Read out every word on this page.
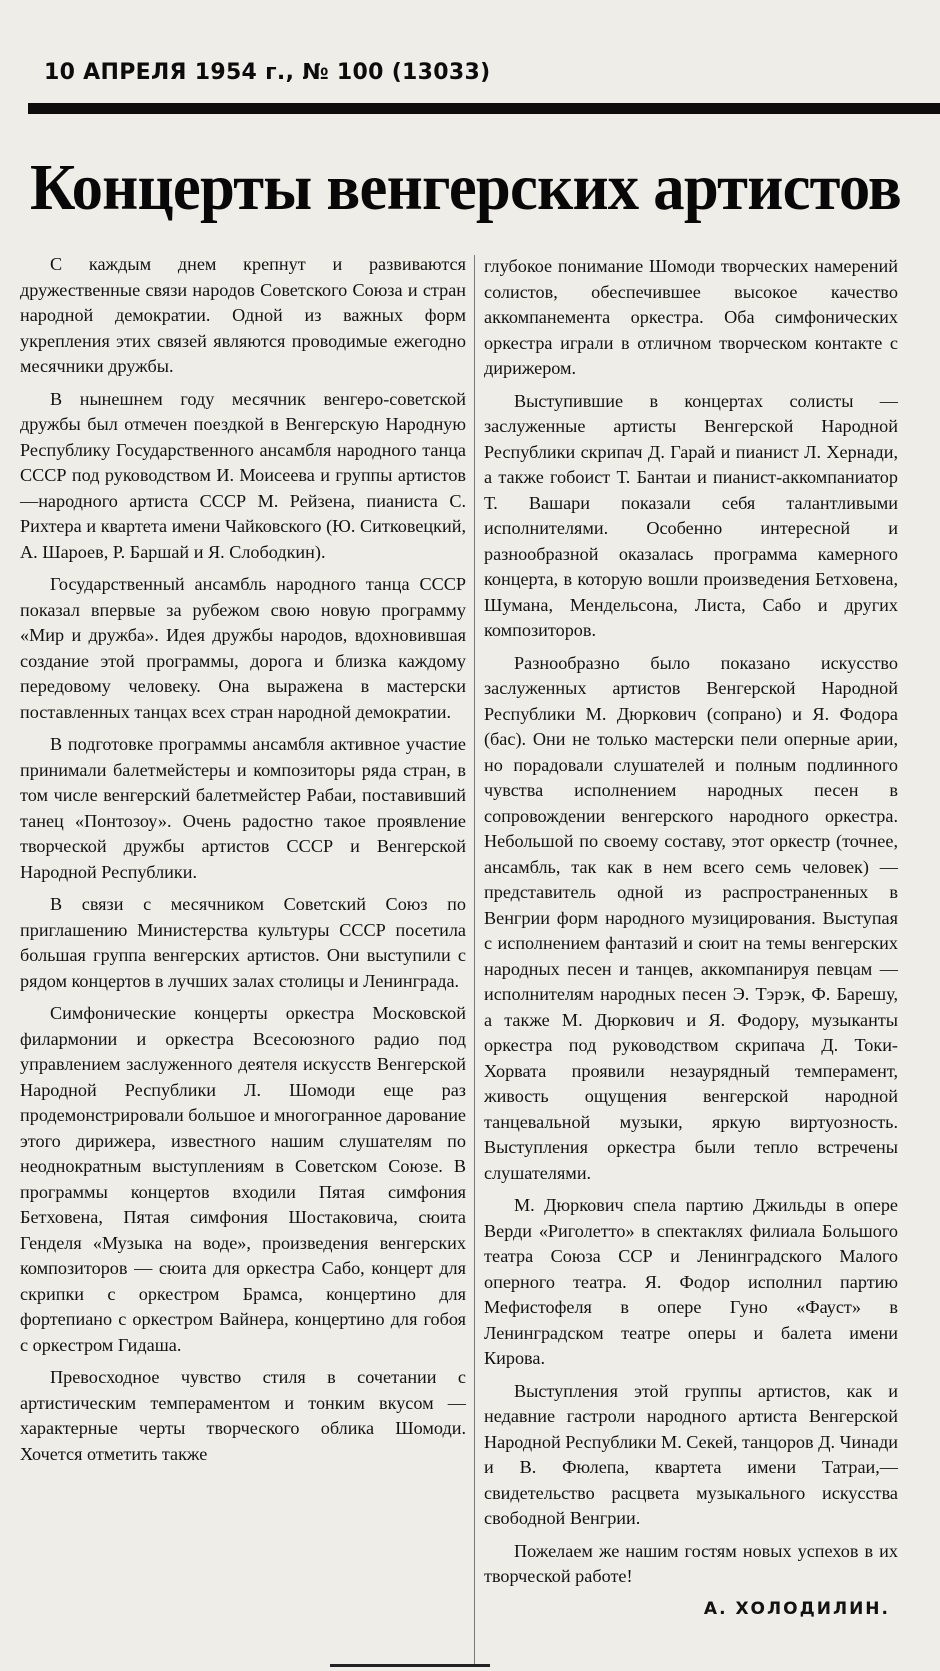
10 АПРЕЛЯ 1954 г., № 100 (13033)
Концерты венгерских артистов

С каждым днем крепнут и развиваются дружественные связи народов Советского Союза и стран народной демократии. Одной из важных форм укрепления этих связей являются проводимые ежегодно месячники дружбы.

В нынешнем году месячник венгеро-советской дружбы был отмечен поездкой в Венгерскую Народную Республику Государственного ансамбля народного танца СССР под руководством И. Моисеева и группы артистов—народного артиста СССР М. Рейзена, пианиста С. Рихтера и квартета имени Чайковского (Ю. Ситковецкий, А. Шароев, Р. Баршай и Я. Слободкин).

Государственный ансамбль народного танца СССР показал впервые за рубежом свою новую программу «Мир и дружба». Идея дружбы народов, вдохновившая создание этой программы, дорога и близка каждому передовому человеку. Она выражена в мастерски поставленных танцах всех стран народной демократии.

В подготовке программы ансамбля активное участие принимали балетмейстеры и композиторы ряда стран, в том числе венгерский балетмейстер Рабаи, поставивший танец «Понтозоу». Очень радостно такое проявление творческой дружбы артистов СССР и Венгерской Народной Республики.

В связи с месячником Советский Союз по приглашению Министерства культуры СССР посетила большая группа венгерских артистов. Они выступили с рядом концертов в лучших залах столицы и Ленинграда.

Симфонические концерты оркестра Московской филармонии и оркестра Всесоюзного радио под управлением заслуженного деятеля искусств Венгерской Народной Республики Л. Шомоди еще раз продемонстрировали большое и многогранное дарование этого дирижера, известного нашим слушателям по неоднократным выступлениям в Советском Союзе. В программы концертов входили Пятая симфония Бетховена, Пятая симфония Шостаковича, сюита Генделя «Музыка на воде», произведения венгерских композиторов — сюита для оркестра Сабо, концерт для скрипки с оркестром Брамса, концертино для фортепиано с оркестром Вайнера, концертино для гобоя с оркестром Гидаша.

Превосходное чувство стиля в сочетании с артистическим темпераментом и тонким вкусом — характерные черты творческого облика Шомоди. Хочется отметить также

глубокое понимание Шомоди творческих намерений солистов, обеспечившее высокое качество аккомпанемента оркестра. Оба симфонических оркестра играли в отличном творческом контакте с дирижером.

Выступившие в концертах солисты — заслуженные артисты Венгерской Народной Республики скрипач Д. Гарай и пианист Л. Хернади, а также гобоист Т. Бантаи и пианист-аккомпаниатор Т. Вашари показали себя талантливыми исполнителями. Особенно интересной и разнообразной оказалась программа камерного концерта, в которую вошли произведения Бетховена, Шумана, Мендельсона, Листа, Сабо и других композиторов.

Разнообразно было показано искусство заслуженных артистов Венгерской Народной Республики М. Дюркович (сопрано) и Я. Фодора (бас). Они не только мастерски пели оперные арии, но порадовали слушателей и полным подлинного чувства исполнением народных песен в сопровождении венгерского народного оркестра. Небольшой по своему составу, этот оркестр (точнее, ансамбль, так как в нем всего семь человек) — представитель одной из распространенных в Венгрии форм народного музицирования. Выступая с исполнением фантазий и сюит на темы венгерских народных песен и танцев, аккомпанируя певцам — исполнителям народных песен Э. Тэрэк, Ф. Барешу, а также М. Дюркович и Я. Фодору, музыканты оркестра под руководством скрипача Д. Токи-Хорвата проявили незаурядный темперамент, живость ощущения венгерской народной танцевальной музыки, яркую виртуозность. Выступления оркестра были тепло встречены слушателями.

М. Дюркович спела партию Джильды в опере Верди «Риголетто» в спектаклях филиала Большого театра Союза ССР и Ленинградского Малого оперного театра. Я. Фодор исполнил партию Мефистофеля в опере Гуно «Фауст» в Ленинградском театре оперы и балета имени Кирова.

Выступления этой группы артистов, как и недавние гастроли народного артиста Венгерской Народной Республики М. Секей, танцоров Д. Чинади и В. Фюлепа, квартета имени Татраи,— свидетельство расцвета музыкального искусства свободной Венгрии.

Пожелаем же нашим гостям новых успехов в их творческой работе!

А. ХОЛОДИЛИН.
